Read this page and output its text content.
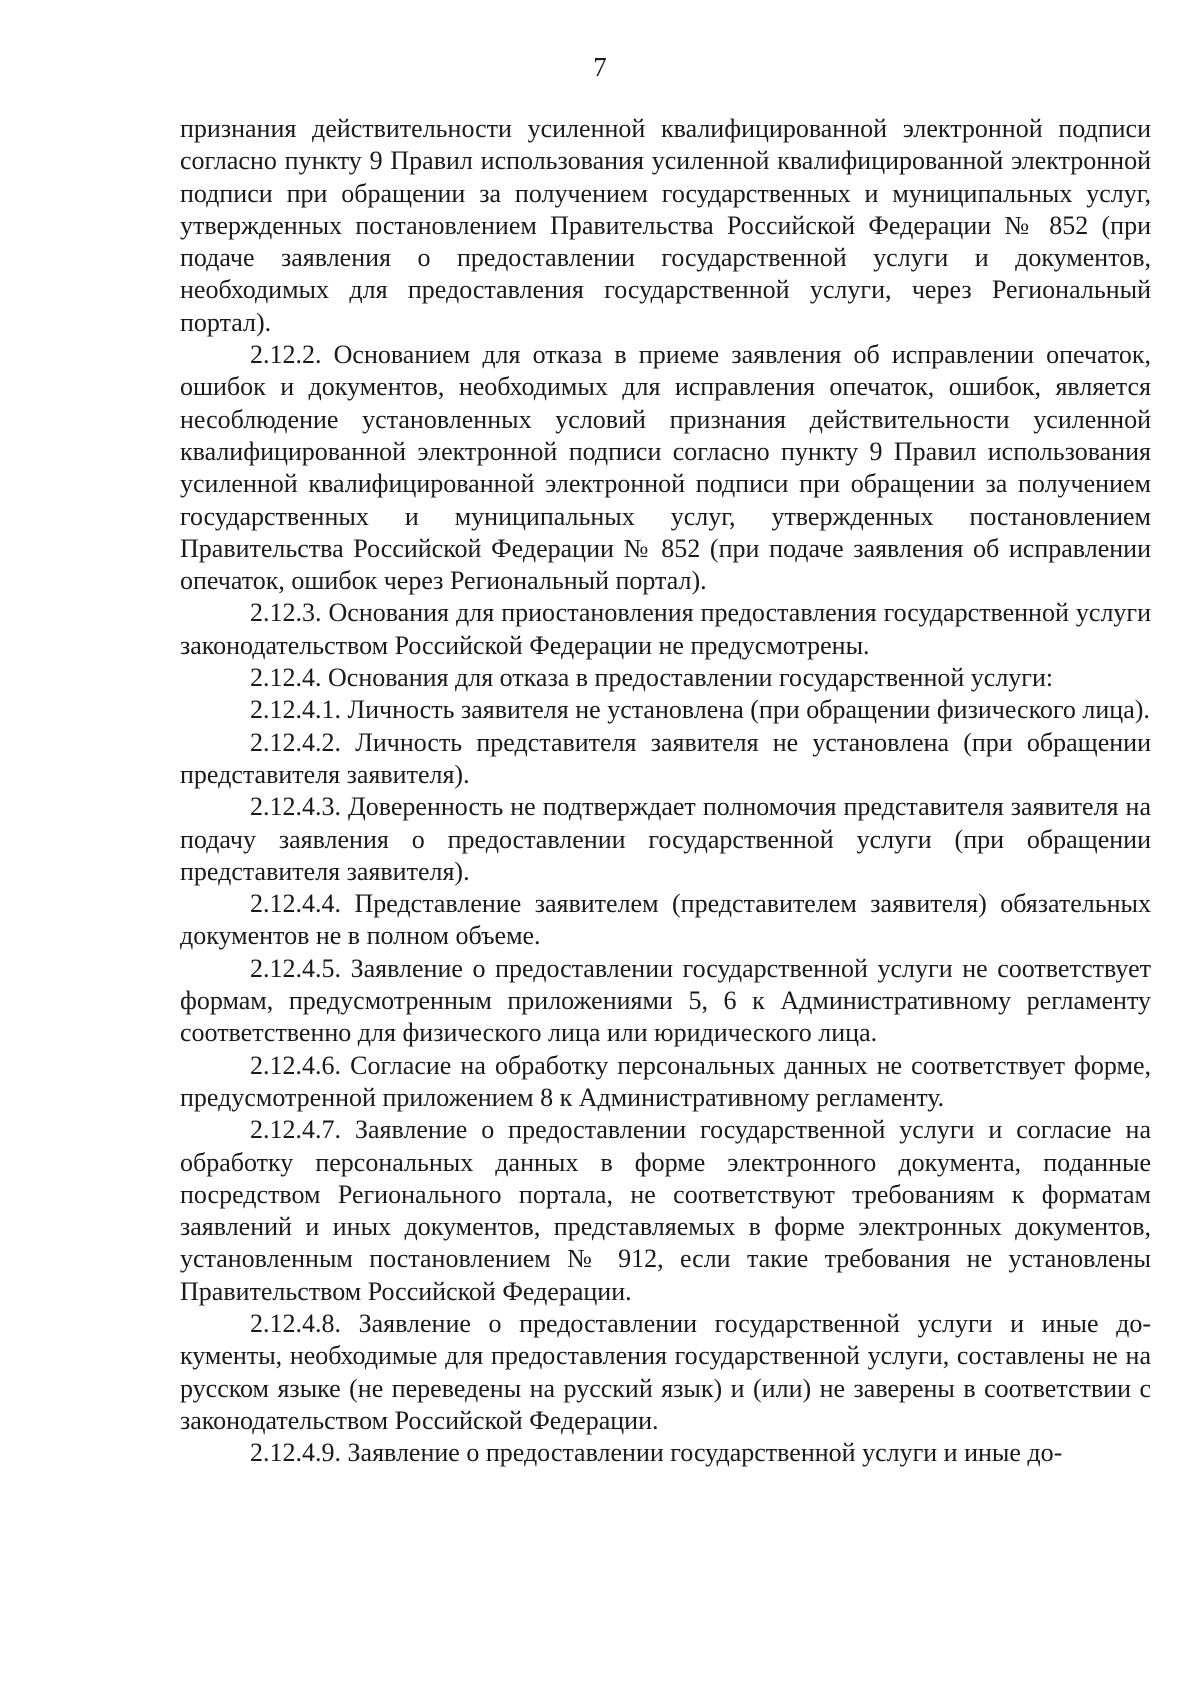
7

признания действительности усиленной квалифицированной электронной подписи согласно пункту 9 Правил использования усиленной квалифицированной электронной подписи при обращении за получением государственных и муниципальных услуг, утвержденных постановлением Правительства Российской Федерации № 852 (при подаче заявления о предоставлении государственной услуги и документов, необходимых для предоставления государственной услуги, через Региональный портал).

2.12.2. Основанием для отказа в приеме заявления об исправлении опечаток, ошибок и документов, необходимых для исправления опечаток, ошибок, является несоблюдение установленных условий признания действительности усиленной квалифицированной электронной подписи согласно пункту 9 Правил использования усиленной квалифицированной электронной подписи при обращении за получением государственных и муниципальных услуг, утвержденных постановлением Правительства Российской Федерации № 852 (при подаче заявления об исправлении опечаток, ошибок через Региональный портал).

2.12.3. Основания для приостановления предоставления государственной услуги законодательством Российской Федерации не предусмотрены.

2.12.4. Основания для отказа в предоставлении государственной услуги:

2.12.4.1. Личность заявителя не установлена (при обращении физического лица).

2.12.4.2. Личность представителя заявителя не установлена (при обращении представителя заявителя).

2.12.4.3. Доверенность не подтверждает полномочия представителя заявителя на подачу заявления о предоставлении государственной услуги (при обращении представителя заявителя).

2.12.4.4. Представление заявителем (представителем заявителя) обязательных документов не в полном объеме.

2.12.4.5. Заявление о предоставлении государственной услуги не соответствует формам, предусмотренным приложениями 5, 6 к Административному регламенту соответственно для физического лица или юридического лица.

2.12.4.6. Согласие на обработку персональных данных не соответствует форме, предусмотренной приложением 8 к Административному регламенту.

2.12.4.7. Заявление о предоставлении государственной услуги и согласие на обработку персональных данных в форме электронного документа, поданные посредством Регионального портала, не соответствуют требованиям к форматам заявлений и иных документов, представляемых в форме электронных документов, установленным постановлением № 912, если такие требования не установлены Правительством Российской Федерации.

2.12.4.8. Заявление о предоставлении государственной услуги и иные документы, необходимые для предоставления государственной услуги, составлены не на русском языке (не переведены на русский язык) и (или) не заверены в соответствии с законодательством Российской Федерации.

2.12.4.9. Заявление о предоставлении государственной услуги и иные до-
